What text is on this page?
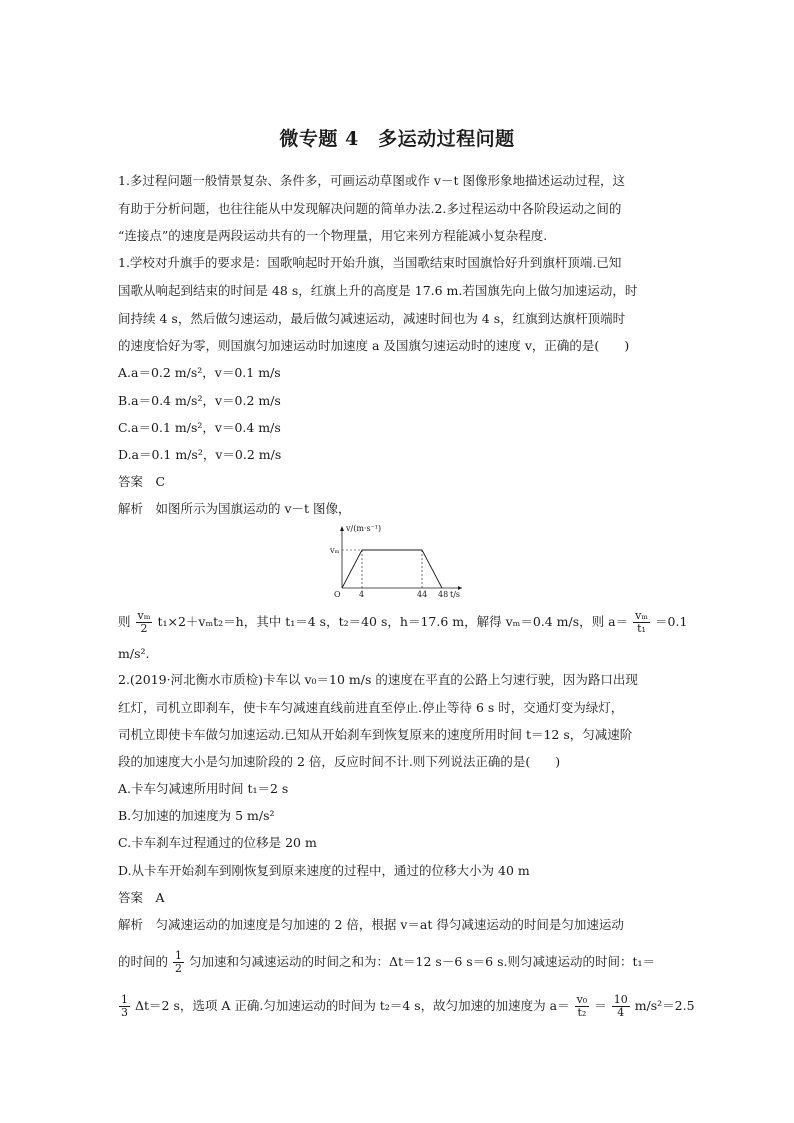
微专题 4　多运动过程问题
1.多过程问题一般情景复杂、条件多，可画运动草图或作 v－t 图像形象地描述运动过程，这
有助于分析问题，也往往能从中发现解决问题的简单办法.2.多过程运动中各阶段运动之间的
“连接点”的速度是两段运动共有的一个物理量，用它来列方程能减小复杂程度.
1.学校对升旗手的要求是：国歌响起时开始升旗，当国歌结束时国旗恰好升到旗杆顶端.已知
国歌从响起到结束的时间是 48 s，红旗上升的高度是 17.6 m.若国旗先向上做匀加速运动，时
间持续 4 s，然后做匀速运动，最后做匀减速运动，减速时间也为 4 s，红旗到达旗杆顶端时
的速度恰好为零，则国旗匀加速运动时加速度 a 及国旗匀速运动时的速度 v，正确的是(　　)
A.a＝0.2 m/s²，v＝0.1 m/s
B.a＝0.4 m/s²，v＝0.2 m/s
C.a＝0.1 m/s²，v＝0.4 m/s
D.a＝0.1 m/s²，v＝0.2 m/s
答案　C
解析　如图所示为国旗运动的 v－t 图像，
v/(m·s⁻¹)
vₘ
O 4	44 48 t/s
则 $\frac{\text{vₘ}}{2} t_1\times 2+v_mt_2=h$，其中 t₁＝4 s，t₂＝40 s，h＝17.6 m，解得 vₘ＝0.4 m/s，则 $a= \frac{\text{vₘ}}{\text{t₁}} =0.1$
m/s².
2.(2019·河北衡水市质检)卡车以 v₀＝10 m/s 的速度在平直的公路上匀速行驶，因为路口出现
红灯，司机立即刹车，使卡车匀减速直线前进直至停止.停止等待 6 s 时，交通灯变为绿灯，
司机立即使卡车做匀加速运动.已知从开始刹车到恢复原来的速度所用时间 t＝12 s，匀减速阶
段的加速度大小是匀加速阶段的 2 倍，反应时间不计.则下列说法正确的是(　　)
A.卡车匀减速所用时间 t₁＝2 s
B.匀加速的加速度为 5 m/s²
C.卡车刹车过程通过的位移是 20 m
D.从卡车开始刹车到刚恢复到原来速度的过程中，通过的位移大小为 40 m
答案　A
解析　匀减速运动的加速度是匀加速的 2 倍，根据 v＝at 得匀减速运动的时间是匀加速运动
的时间的 $\frac{1}{2}$ 匀加速和匀减速运动的时间之和为：Δt＝12 s－6 s＝6 s.则匀减速运动的时间：t₁＝
$\frac{1}{3} \Delta t=2$ s，选项 A 正确.匀加速运动的时间为 t₂＝4 s，故匀加速的加速度为 $a= \frac{\text{v₀}}{\text{t₂}} = \frac{10}{4} m/s^2=2.5$
